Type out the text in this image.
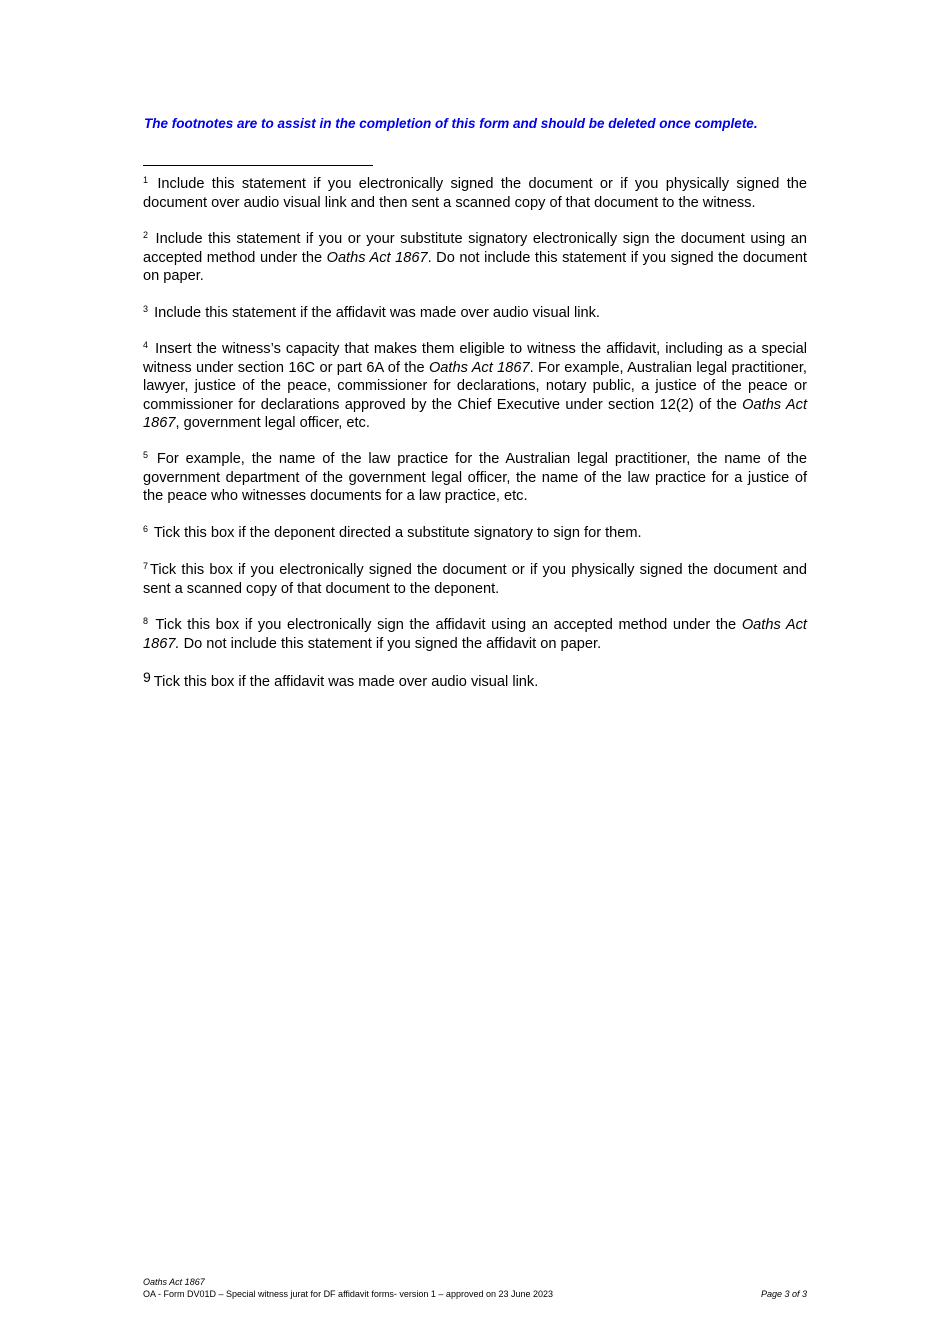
The footnotes are to assist in the completion of this form and should be deleted once complete.

$^1$ Include this statement if you electronically signed the document or if you physically signed the document over audio visual link and then sent a scanned copy of that document to the witness.

$^2$ Include this statement if you or your substitute signatory electronically sign the document using an accepted method under the Oaths Act 1867. Do not include this statement if you signed the document on paper.

$^3$ Include this statement if the affidavit was made over audio visual link.

$^4$ Insert the witness’s capacity that makes them eligible to witness the affidavit, including as a special witness under section 16C or part 6A of the Oaths Act 1867. For example, Australian legal practitioner, lawyer, justice of the peace, commissioner for declarations, notary public, a justice of the peace or commissioner for declarations approved by the Chief Executive under section 12(2) of the Oaths Act 1867, government legal officer, etc.

$^5$ For example, the name of the law practice for the Australian legal practitioner, the name of the government department of the government legal officer, the name of the law practice for a justice of the peace who witnesses documents for a law practice, etc.

$^6$ Tick this box if the deponent directed a substitute signatory to sign for them.

$^7$ Tick this box if you electronically signed the document or if you physically signed the document and sent a scanned copy of that document to the deponent.

$^8$ Tick this box if you electronically sign the affidavit using an accepted method under the Oaths Act 1867. Do not include this statement if you signed the affidavit on paper.

$^9$ Tick this box if the affidavit was made over audio visual link.

Oaths Act 1867
OA - Form DV01D – Special witness jurat for DF affidavit forms- version 1 – approved on 23 June 2023	Page 3 of 3
